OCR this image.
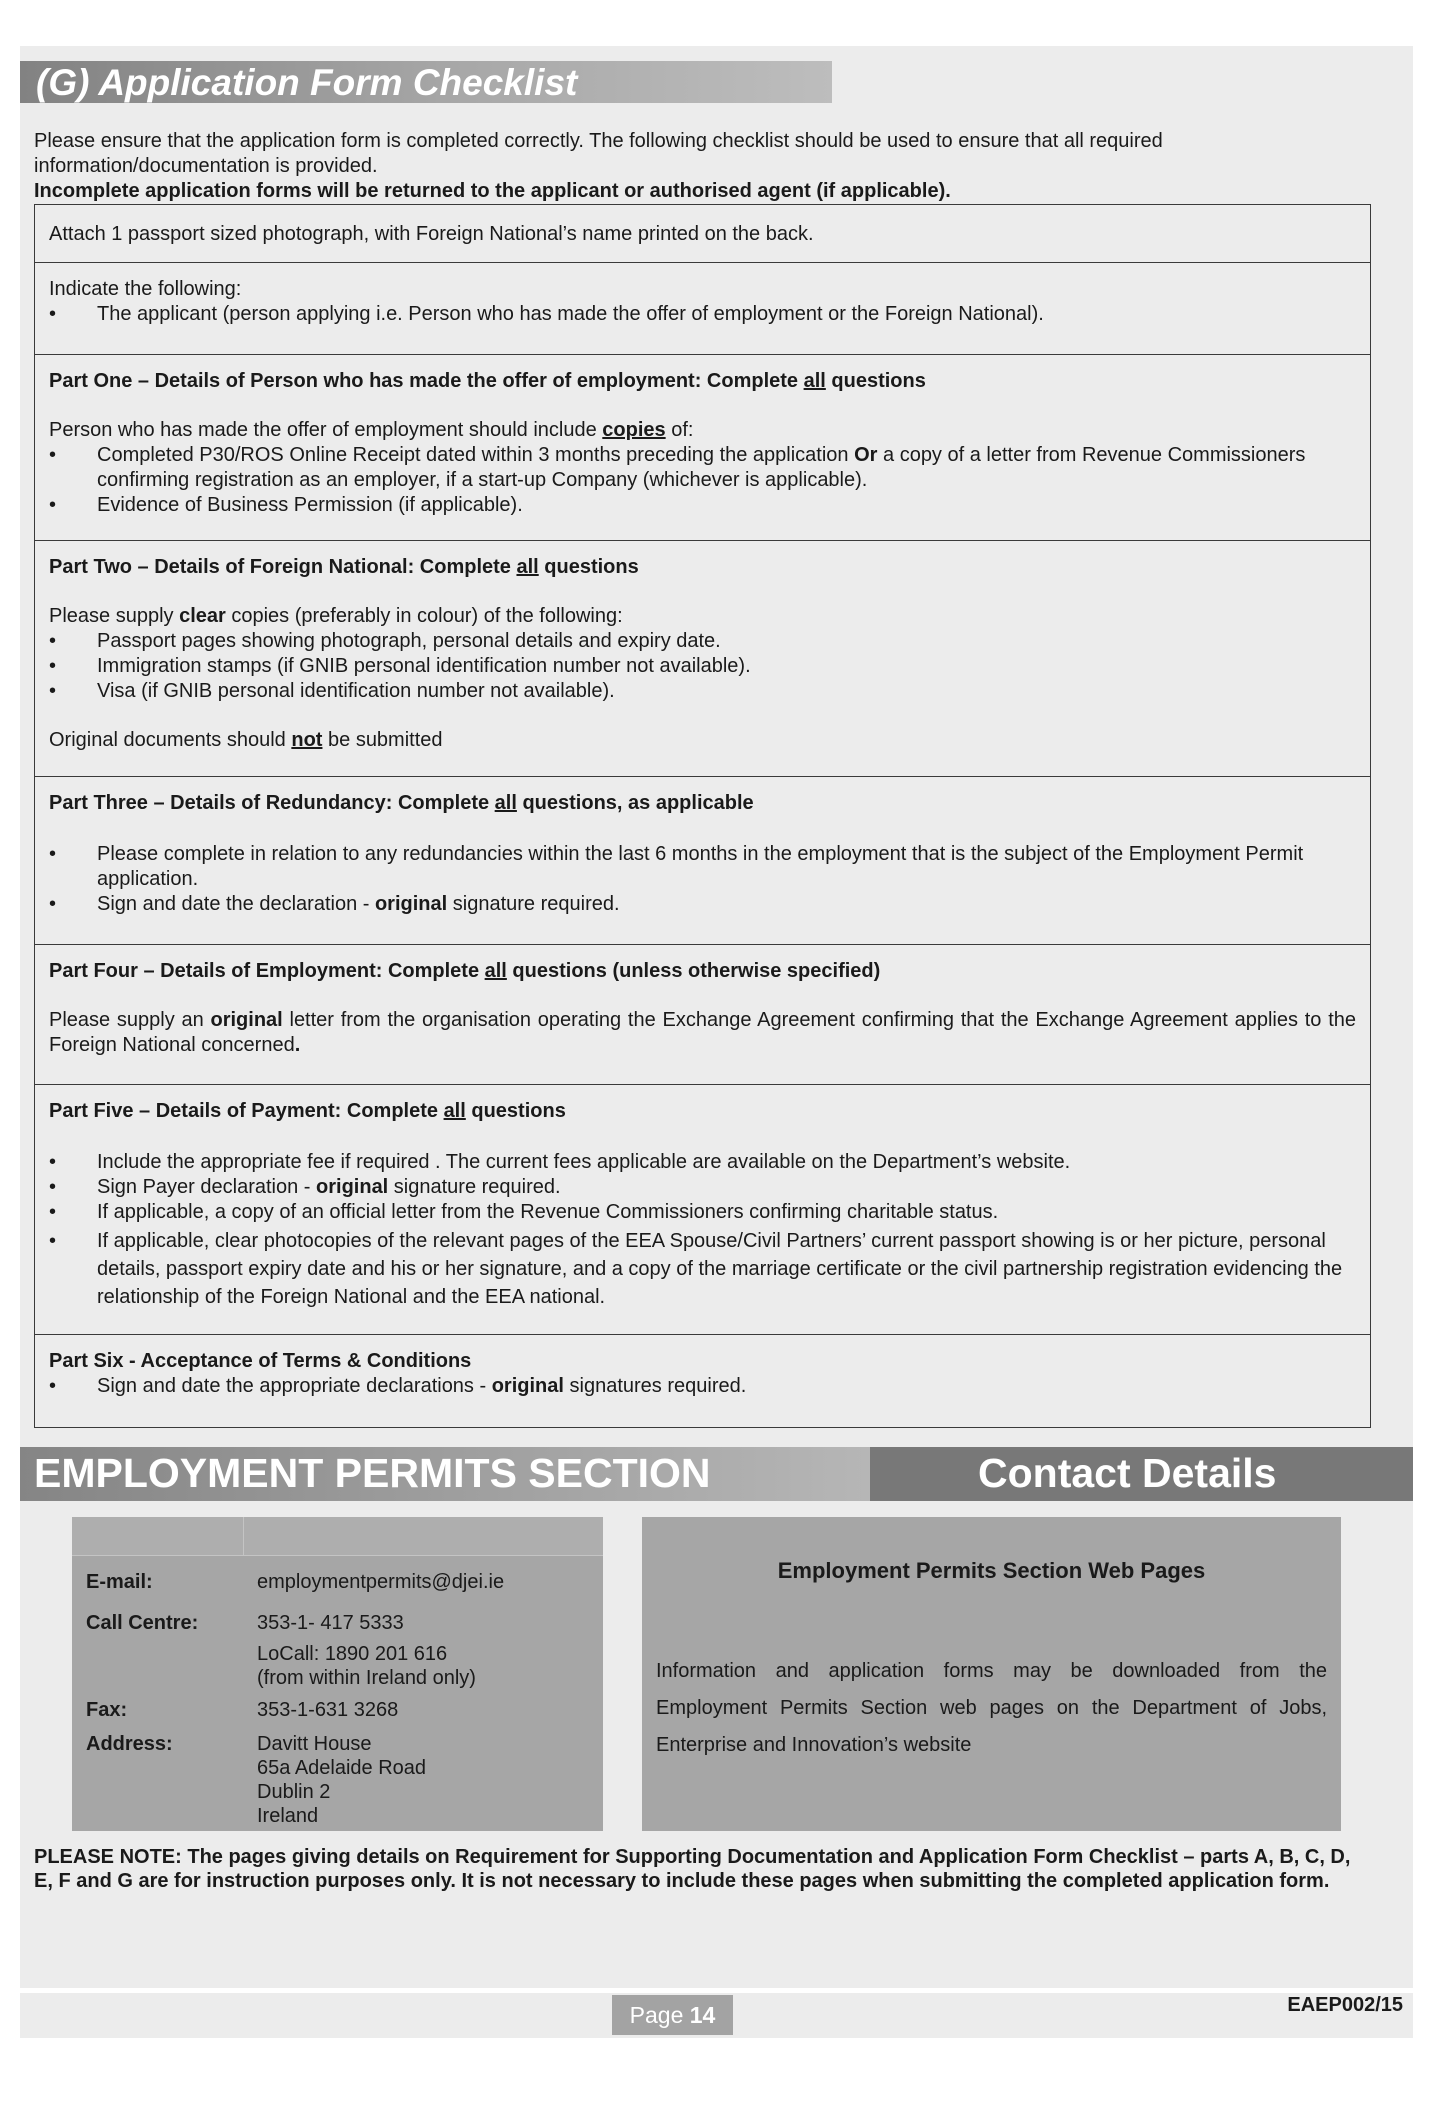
(G) Application Form Checklist
Please ensure that the application form is completed correctly. The following checklist should be used to ensure that all required information/documentation is provided.
Incomplete application forms will be returned to the applicant or authorised agent (if applicable).
Attach 1 passport sized photograph, with Foreign National’s name printed on the back.
Indicate the following:
• The applicant (person applying i.e. Person who has made the offer of employment or the Foreign National).
Part One – Details of Person who has made the offer of employment: Complete all questions
Person who has made the offer of employment should include copies of:
• Completed P30/ROS Online Receipt dated within 3 months preceding the application Or a copy of a letter from Revenue Commissioners confirming registration as an employer, if a start-up Company (whichever is applicable).
• Evidence of Business Permission (if applicable).
Part Two – Details of Foreign National: Complete all questions
Please supply clear copies (preferably in colour) of the following:
• Passport pages showing photograph, personal details and expiry date.
• Immigration stamps (if GNIB personal identification number not available).
• Visa (if GNIB personal identification number not available).
Original documents should not be submitted
Part Three – Details of Redundancy: Complete all questions, as applicable
• Please complete in relation to any redundancies within the last 6 months in the employment that is the subject of the Employment Permit application.
• Sign and date the declaration - original signature required.
Part Four – Details of Employment: Complete all questions (unless otherwise specified)
Please supply an original letter from the organisation operating the Exchange Agreement confirming that the Exchange Agreement applies to the Foreign National concerned.
Part Five – Details of Payment: Complete all questions
• Include the appropriate fee if required . The current fees applicable are available on the Department’s website.
• Sign Payer declaration - original signature required.
• If applicable, a copy of an official letter from the Revenue Commissioners confirming charitable status.
• If applicable, clear photocopies of the relevant pages of the EEA Spouse/Civil Partners’ current passport showing is or her picture, personal details, passport expiry date and his or her signature, and a copy of the marriage certificate or the civil partnership registration evidencing the relationship of the Foreign National and the EEA national.
Part Six - Acceptance of Terms & Conditions
• Sign and date the appropriate declarations - original signatures required.
EMPLOYMENT PERMITS SECTION	Contact Details
E-mail:	employmentpermits@djei.ie
Call Centre:	353-1- 417 5333
LoCall: 1890 201 616
(from within Ireland only)
Fax:	353-1-631 3268
Address:	Davitt House
65a Adelaide Road
Dublin 2
Ireland
Employment Permits Section Web Pages
Information and application forms may be downloaded from the Employment Permits Section web pages on the Department of Jobs, Enterprise and Innovation’s website
PLEASE NOTE: The pages giving details on Requirement for Supporting Documentation and Application Form Checklist – parts A, B, C, D, E, F and G are for instruction purposes only. It is not necessary to include these pages when submitting the completed application form.
Page 14	EAEP002/15
